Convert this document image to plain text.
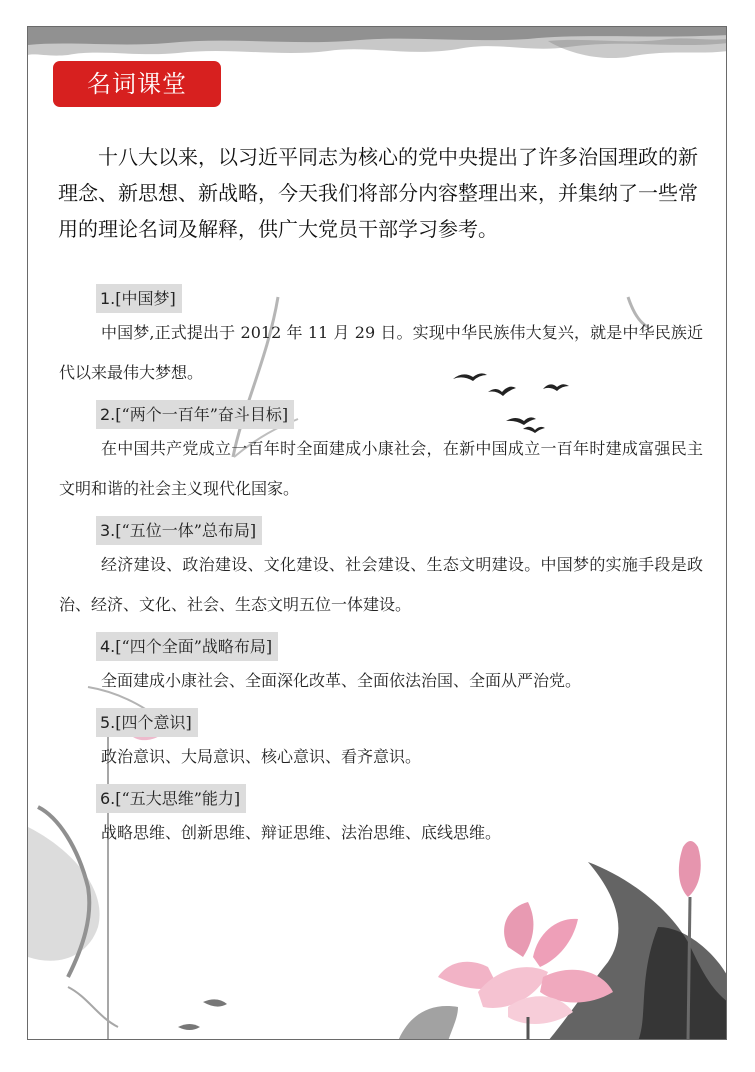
名词课堂

十八大以来，以习近平同志为核心的党中央提出了许多治国理政的新理念、新思想、新战略，今天我们将部分内容整理出来，并集纳了一些常用的理论名词及解释，供广大党员干部学习参考。

1.[中国梦]

中国梦,正式提出于 2012 年 11 月 29 日。实现中华民族伟大复兴，就是中华民族近代以来最伟大梦想。

2.[“两个一百年”奋斗目标]

在中国共产党成立一百年时全面建成小康社会，在新中国成立一百年时建成富强民主文明和谐的社会主义现代化国家。

3.[“五位一体”总布局]

经济建设、政治建设、文化建设、社会建设、生态文明建设。中国梦的实施手段是政治、经济、文化、社会、生态文明五位一体建设。

4.[“四个全面”战略布局]

全面建成小康社会、全面深化改革、全面依法治国、全面从严治党。

5.[四个意识]

政治意识、大局意识、核心意识、看齐意识。

6.[“五大思维”能力]

战略思维、创新思维、辩证思维、法治思维、底线思维。
